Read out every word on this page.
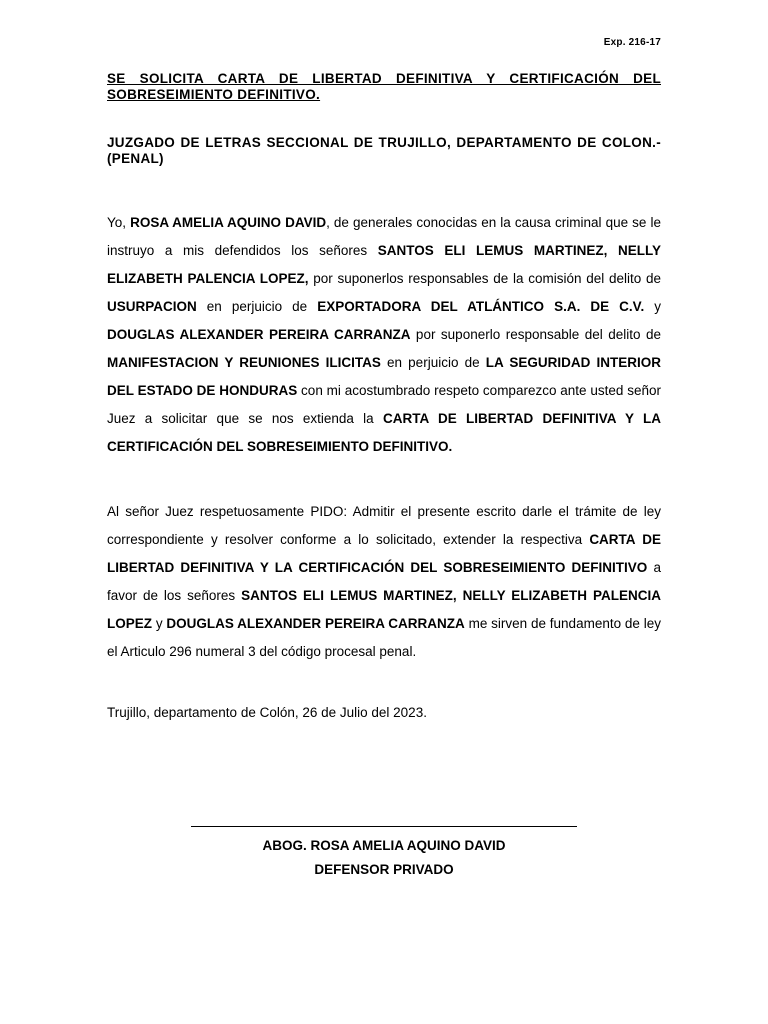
Exp. 216-17
SE SOLICITA CARTA DE LIBERTAD DEFINITIVA Y CERTIFICACIÓN DEL SOBRESEIMIENTO DEFINITIVO.
JUZGADO DE LETRAS SECCIONAL DE TRUJILLO, DEPARTAMENTO DE COLON.- (PENAL)
Yo, ROSA AMELIA AQUINO DAVID, de generales conocidas en la causa criminal que se le instruyo a mis defendidos los señores SANTOS ELI LEMUS MARTINEZ, NELLY ELIZABETH PALENCIA LOPEZ, por suponerlos responsables de la comisión del delito de USURPACION en perjuicio de EXPORTADORA DEL ATLÁNTICO S.A. DE C.V. y DOUGLAS ALEXANDER PEREIRA CARRANZA por suponerlo responsable del delito de MANIFESTACION Y REUNIONES ILICITAS en perjuicio de LA SEGURIDAD INTERIOR DEL ESTADO DE HONDURAS con mi acostumbrado respeto comparezco ante usted señor Juez a solicitar que se nos extienda la CARTA DE LIBERTAD DEFINITIVA Y LA CERTIFICACIÓN DEL SOBRESEIMIENTO DEFINITIVO.
Al señor Juez respetuosamente PIDO: Admitir el presente escrito darle el trámite de ley correspondiente y resolver conforme a lo solicitado, extender la respectiva CARTA DE LIBERTAD DEFINITIVA Y LA CERTIFICACIÓN DEL SOBRESEIMIENTO DEFINITIVO a favor de los señores SANTOS ELI LEMUS MARTINEZ, NELLY ELIZABETH PALENCIA LOPEZ y DOUGLAS ALEXANDER PEREIRA CARRANZA me sirven de fundamento de ley el Articulo 296 numeral 3 del código procesal penal.
Trujillo, departamento de Colón, 26 de Julio del 2023.
ABOG. ROSA AMELIA AQUINO DAVID
DEFENSOR PRIVADO
